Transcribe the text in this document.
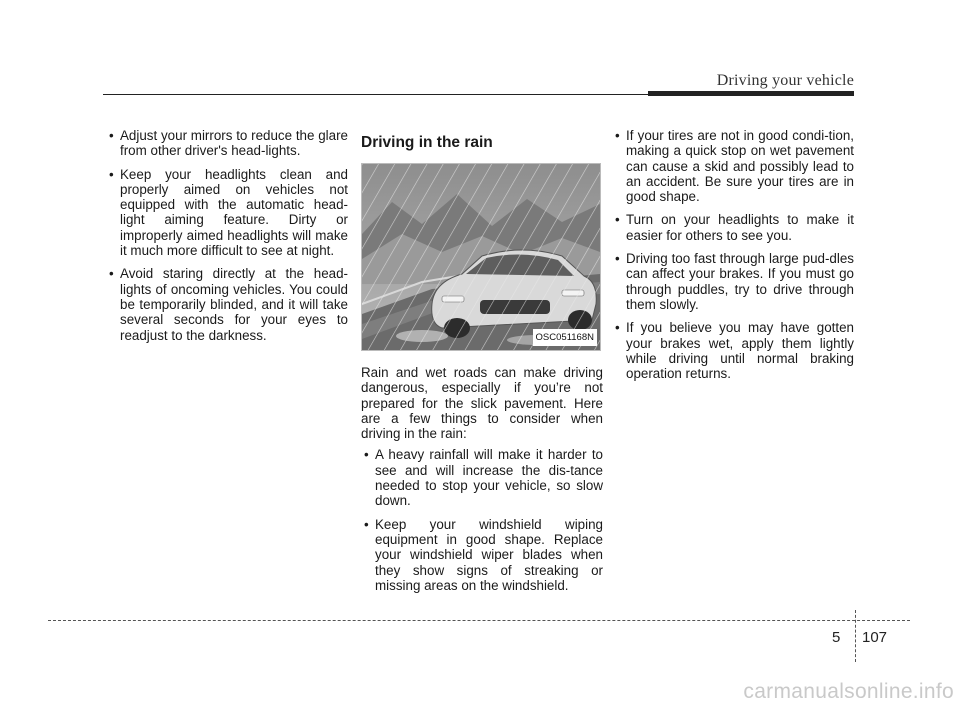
Driving your vehicle
• Adjust your mirrors to reduce the glare from other driver's head-lights.
• Keep your headlights clean and properly aimed on vehicles not equipped with the automatic head-light aiming feature. Dirty or improperly aimed headlights will make it much more difficult to see at night.
• Avoid staring directly at the head-lights of oncoming vehicles. You could be temporarily blinded, and it will take several seconds for your eyes to readjust to the darkness.
Driving in the rain
OSC051168N

Rain and wet roads can make driving dangerous, especially if you’re not prepared for the slick pavement. Here are a few things to consider when driving in the rain:

• A heavy rainfall will make it harder to see and will increase the dis-tance needed to stop your vehicle, so slow down.
• Keep your windshield wiping equipment in good shape. Replace your windshield wiper blades when they show signs of streaking or missing areas on the windshield.
• If your tires are not in good condi-tion, making a quick stop on wet pavement can cause a skid and possibly lead to an accident. Be sure your tires are in good shape.
• Turn on your headlights to make it easier for others to see you.
• Driving too fast through large pud-dles can affect your brakes. If you must go through puddles, try to drive through them slowly.
• If you believe you may have gotten your brakes wet, apply them lightly while driving until normal braking operation returns.
5 107
carmanualsonline.info
